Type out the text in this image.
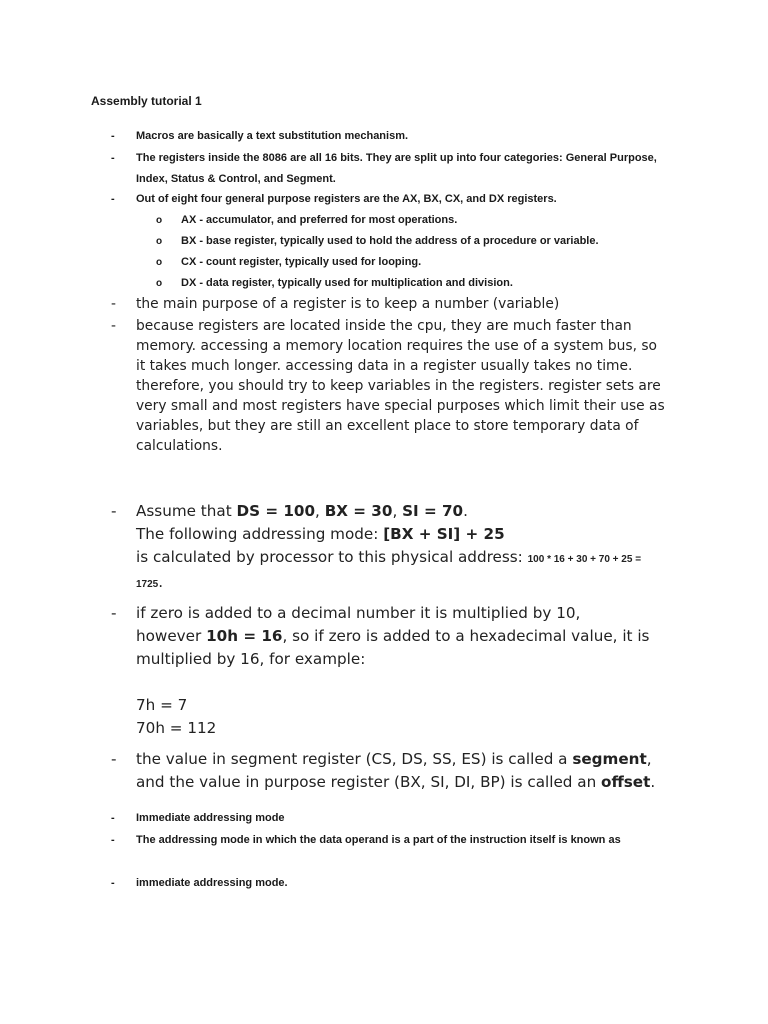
Assembly tutorial 1
- Macros are basically a text substitution mechanism.
- The registers inside the 8086 are all 16 bits. They are split up into four categories: General Purpose, Index, Status & Control, and Segment.
- Out of eight four general purpose registers are the AX, BX, CX, and DX registers.
o AX - accumulator, and preferred for most operations.
o BX - base register, typically used to hold the address of a procedure or variable.
o CX - count register, typically used for looping.
o DX - data register, typically used for multiplication and division.
- the main purpose of a register is to keep a number (variable)
- because registers are located inside the cpu, they are much faster than memory. accessing a memory location requires the use of a system bus, so it takes much longer. accessing data in a register usually takes no time. therefore, you should try to keep variables in the registers. register sets are very small and most registers have special purposes which limit their use as variables, but they are still an excellent place to store temporary data of calculations.
- Assume that DS = 100, BX = 30, SI = 70.
The following addressing mode: [BX + SI] + 25
is calculated by processor to this physical address: 100 * 16 + 30 + 70 + 25 =
1725.
- if zero is added to a decimal number it is multiplied by 10,
however 10h = 16, so if zero is added to a hexadecimal value, it is multiplied by 16, for example:
7h = 7
70h = 112
- the value in segment register (CS, DS, SS, ES) is called a segment, and the value in purpose register (BX, SI, DI, BP) is called an offset.
- Immediate addressing mode
- The addressing mode in which the data operand is a part of the instruction itself is known as
- immediate addressing mode.
